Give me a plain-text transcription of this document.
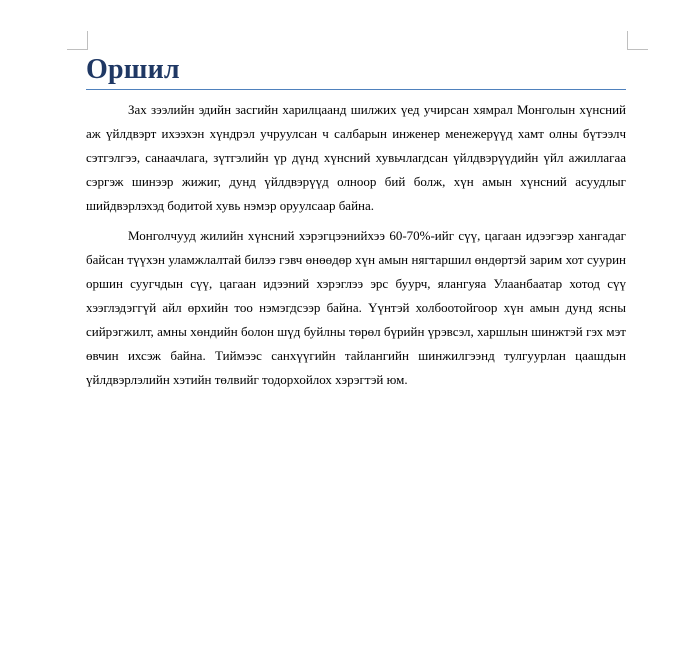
Оршил

Зах зээлийн эдийн засгийн харилцаанд шилжих үед учирсан хямрал Монголын хүнсний аж үйлдвэрт ихээхэн хүндрэл учруулсан ч салбарын инженер менежерүүд хамт олны бүтээлч сэтгэлгээ, санаачлага, зүтгэлийн үр дүнд хүнсний хувьчлагдсан үйлдвэрүүдийн үйл ажиллагаа сэргэж шинээр жижиг, дунд үйлдвэрүүд олноор бий болж, хүн амын хүнсний асуудлыг шийдвэрлэхэд бодитой хувь нэмэр оруулсаар байна.

Монголчууд жилийн хүнсний хэрэгцээнийхээ 60-70%-ийг сүү, цагаан идээгээр хангадаг байсан түүхэн уламжлалтай билээ гэвч өнөөдөр хүн амын нягтаршил өндөртэй зарим хот суурин оршин суугчдын сүү, цагаан идээний хэрэглээ эрс буурч, ялангуяа Улаанбаатар хотод сүү хээглэдэггүй айл өрхийн тоо нэмэгдсээр байна. Үүнтэй холбоотойгоор хүн амын дунд ясны сийрэгжилт, амны хөндийн болон шүд буйлны төрөл бүрийн үрэвсэл, харшлын шинжтэй гэх мэт өвчин ихсэж байна. Тиймээс санхүүгийн тайлангийн шинжилгээнд тулгуурлан цаашдын үйлдвэрлэлийн хэтийн төлвийг тодорхойлох хэрэгтэй юм.
